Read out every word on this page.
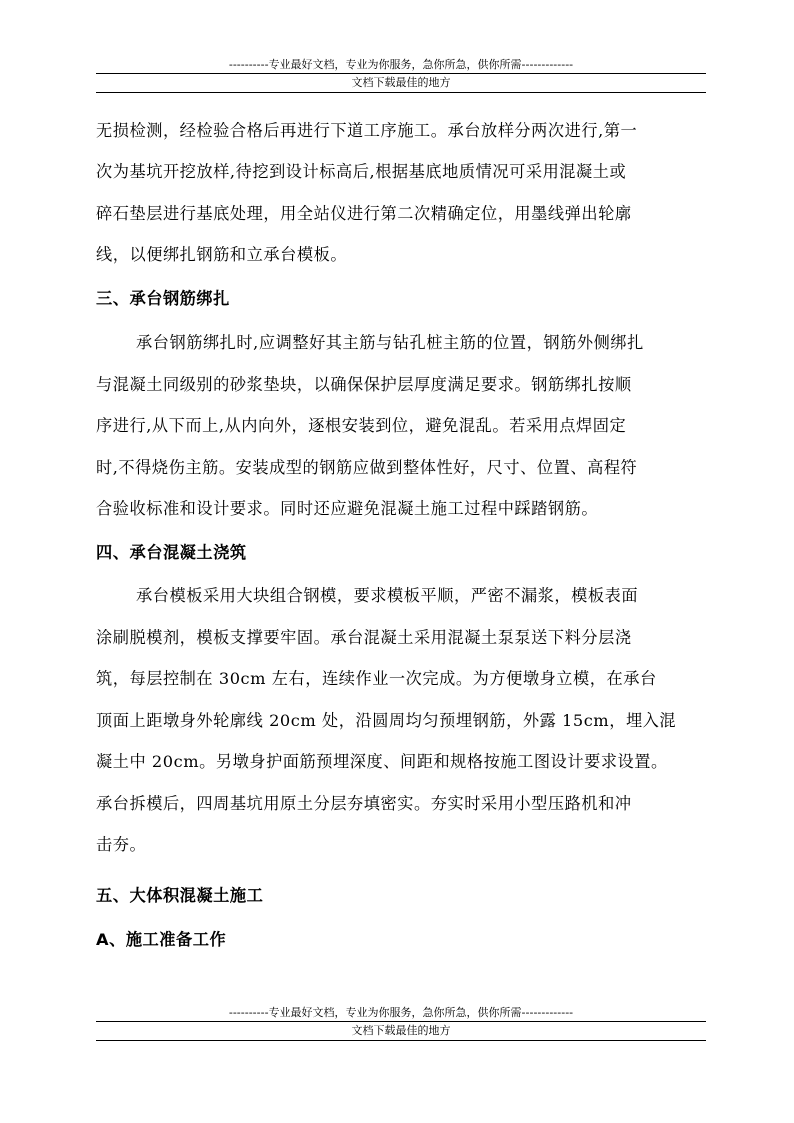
----------专业最好文档，专业为你服务，急你所急，供你所需-------------
文档下载最佳的地方
无损检测，经检验合格后再进行下道工序施工。承台放样分两次进行,第一
次为基坑开挖放样,待挖到设计标高后,根据基底地质情况可采用混凝土或
碎石垫层进行基底处理，用全站仪进行第二次精确定位，用墨线弹出轮廓
线，以便绑扎钢筋和立承台模板。
三、承台钢筋绑扎
承台钢筋绑扎时,应调整好其主筋与钻孔桩主筋的位置，钢筋外侧绑扎
与混凝土同级别的砂浆垫块，以确保保护层厚度满足要求。钢筋绑扎按顺
序进行,从下而上,从内向外，逐根安装到位，避免混乱。若采用点焊固定
时,不得烧伤主筋。安装成型的钢筋应做到整体性好，尺寸、位置、高程符
合验收标准和设计要求。同时还应避免混凝土施工过程中踩踏钢筋。
四、承台混凝土浇筑
承台模板采用大块组合钢模，要求模板平顺，严密不漏浆，模板表面
涂刷脱模剂，模板支撑要牢固。承台混凝土采用混凝土泵泵送下料分层浇
筑，每层控制在 30cm 左右，连续作业一次完成。为方便墩身立模，在承台
顶面上距墩身外轮廓线 20cm 处，沿圆周均匀预埋钢筋，外露 15cm，埋入混
凝土中 20cm。另墩身护面筋预埋深度、间距和规格按施工图设计要求设置。
承台拆模后，四周基坑用原土分层夯填密实。夯实时采用小型压路机和冲
击夯。
五、大体积混凝土施工
A、施工准备工作
----------专业最好文档，专业为你服务，急你所急，供你所需-------------
文档下载最佳的地方
